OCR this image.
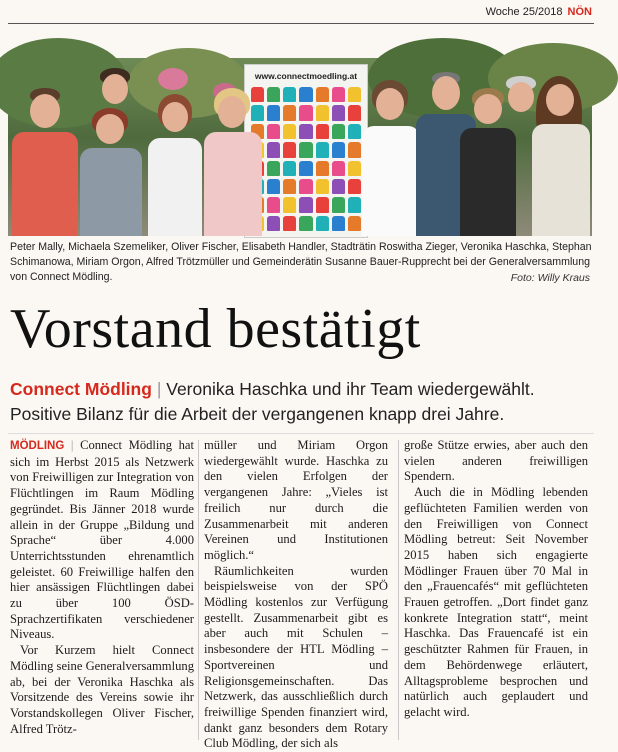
Woche 25/2018 NÖN
www.connectmoedling.at
Peter Mally, Michaela Szemeliker, Oliver Fischer, Elisabeth Handler, Stadträtin Roswitha Zieger, Veronika Haschka, Stephan Schimanowa, Miriam Orgon, Alfred Trötzmüller und Gemeinderätin Susanne Bauer-Rupprecht bei der Generalversammlung von Connect Mödling.	Foto: Willy Kraus
Vorstand bestätigt
Connect Mödling | Veronika Haschka und ihr Team wiedergewählt. Positive Bilanz für die Arbeit der vergangenen knapp drei Jahre.

MÖDLING | Connect Mödling hat sich im Herbst 2015 als Netzwerk von Freiwilligen zur Integration von Flüchtlingen im Raum Mödling gegründet. Bis Jänner 2018 wurde allein in der Gruppe „Bildung und Sprache“ über 4.000 Unterrichtsstunden ehrenamtlich geleistet. 60 Freiwillige halfen den hier ansässigen Flüchtlingen dabei zu über 100 ÖSD-Sprachzertifikaten verschiedener Niveaus.

Vor Kurzem hielt Connect Mödling seine Generalversammlung ab, bei der Veronika Haschka als Vorsitzende des Vereins sowie ihr Vorstandskollegen Oliver Fischer, Alfred Trötz-

müller und Miriam Orgon wiedergewählt wurde. Haschka zu den vielen Erfolgen der vergangenen Jahre: „Vieles ist freilich nur durch die Zusammenarbeit mit anderen Vereinen und Institutionen möglich.“

Räumlichkeiten wurden beispielsweise von der SPÖ Mödling kostenlos zur Verfügung gestellt. Zusammenarbeit gibt es aber auch mit Schulen – insbesondere der HTL Mödling – Sportvereinen und Religionsgemeinschaften. Das Netzwerk, das ausschließlich durch freiwillige Spenden finanziert wird, dankt ganz besonders dem Rotary Club Mödling, der sich als

große Stütze erwies, aber auch den vielen anderen freiwilligen Spendern.

Auch die in Mödling lebenden geflüchteten Familien werden von den Freiwilligen von Connect Mödling betreut: Seit November 2015 haben sich engagierte Mödlinger Frauen über 70 Mal in den „Frauencafés“ mit geflüchteten Frauen getroffen. „Dort findet ganz konkrete Integration statt“, meint Haschka. Das Frauencafé ist ein geschützter Rahmen für Frauen, in dem Behördenwege erläutert, Alltagsprobleme besprochen und natürlich auch geplaudert und gelacht wird.
